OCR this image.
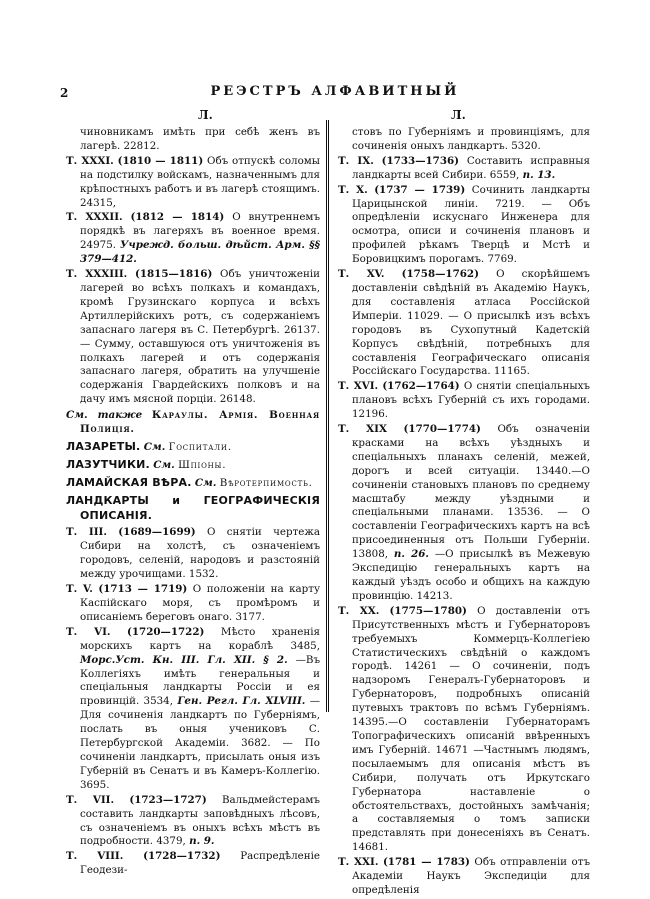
2	РЕЭСТРЪ АЛФАВИТНЫЙ
Л.	Л.

чиновникамъ имѣть при себѣ женъ въ лагерѣ. 22812.

Т. XXXI. (1810 — 1811) Объ отпускѣ соломы на подстилку войскамъ, назначеннымъ для крѣпостныхъ работъ и въ лагерѣ стоящимъ. 24315,

Т. XXXII. (1812 — 1814) О внутреннемъ порядкѣ въ лагеряхъ въ военное время. 24975. Учрежд. больш. дѣйст. Арм. §§ 379—412.

Т. XXXIII. (1815—1816) Объ уничтоженіи лагерей во всѣхъ полкахъ и командахъ, кромѣ Грузинскаго корпуса и всѣхъ Артиллерійскихъ ротъ, съ содержаніемъ запаснаго лагеря въ С. Петербургѣ. 26137.— Сумму, оставшуюся отъ уничтоженія въ полкахъ лагерей и отъ содержанія запаснаго лагеря, обратить на улучшеніе содержанія Гвардейскихъ полковъ и на дачу имъ мясной порціи. 26148.

См. также Караулы. Армія. Военная Полиція.

ЛАЗАРЕТЫ. См. Госпитали.

ЛАЗУТЧИКИ. См. Шпіоны.

ЛАМАЙСКАЯ ВѢРА. См. Вѣротерпимость.

ЛАНДКАРТЫ и ГЕОГРАФИЧЕСКІЯ ОПИСАНІЯ.

Т. III. (1689—1699) О снятіи чертежа Сибири на холстѣ, съ означеніемъ городовъ, селеній, народовъ и разстояній между урочищами. 1532.

Т. V. (1713 — 1719) О положеніи на карту Каспійскаго моря, съ промѣромъ и описаніемъ береговъ онаго. 3177.

Т. VI. (1720—1722) Мѣсто храненія морскихъ картъ на кораблѣ 3485, Морс.Уст. Кн. III. Гл. XII. § 2. —Въ Коллегіяхъ имѣть генеральныя и спеціальныя ландкарты Россіи и ея провинцій. 3534, Ген. Регл. Гл. XLVIII. — Для сочиненія ландкартъ по Губерніямъ, послать въ оныя учениковъ С. Петербургской Академіи. 3682. — По сочиненіи ландкартъ, присылать оныя изъ Губерній въ Сенатъ и въ Камеръ-Коллегію. 3695.

Т. VII. (1723—1727) Вальдмейстерамъ составить ландкарты заповѣдныхъ лѣсовъ, съ означеніемъ въ оныхъ всѣхъ мѣстъ въ подробности. 4379, п. 9.

Т. VIII. (1728—1732) Распредѣленіе Геодези-

стовъ по Губерніямъ и провинціямъ, для сочиненія оныхъ ландкартъ. 5320.

Т. IX. (1733—1736) Составить исправныя ландкарты всей Сибири. 6559, п. 13.

Т. X. (1737 — 1739) Сочинить ландкарты Царицынской линіи. 7219. — Объ опредѣленіи искуснаго Инженера для осмотра, описи и сочиненія плановъ и профилей рѣкамъ Тверцѣ и Мстѣ и Боровицкимъ порогамъ. 7769.

Т. XV. (1758—1762) О скорѣйшемъ доставленіи свѣдѣній въ Академію Наукъ, для составленія атласа Россійской Имперіи. 11029. — О присылкѣ изъ всѣхъ городовъ въ Сухопутный Кадетскій Корпусъ свѣдѣній, потребныхъ для составленія Географическаго описанія Россійскаго Государства. 11165.

Т. XVI. (1762—1764) О снятіи спеціальныхъ плановъ всѣхъ Губерній съ ихъ городами. 12196.

Т. XIX (1770—1774) Объ означеніи красками на всѣхъ уѣздныхъ и спеціальныхъ планахъ селеній, межей, дорогъ и всей ситуаціи. 13440.—О сочиненіи становыхъ плановъ по среднему масштабу между уѣздными и спеціальными планами. 13536. — О составленіи Географическихъ картъ на всѣ присоединенныя отъ Польши Губерніи. 13808, п. 26. —О присылкѣ въ Межевую Экспедицію генеральныхъ картъ на каждый уѣздъ особо и общихъ на каждую провинцію. 14213.

Т. XX. (1775—1780) О доставленіи отъ Присутственныхъ мѣстъ и Губернаторовъ требуемыхъ Коммерцъ-Коллегіею Статистическихъ свѣдѣній о каждомъ городѣ. 14261 — О сочиненіи, подъ надзоромъ Генералъ-Губернаторовъ и Губернаторовъ, подробныхъ описаній путевыхъ трактовъ по всѣмъ Губерніямъ. 14395.—О составленіи Губернаторамъ Топографическихъ описаній ввѣренныхъ имъ Губерній. 14671 —Частнымъ людямъ, посылаемымъ для описанія мѣстъ въ Сибири, получать отъ Иркутскаго Губернатора наставленіе о обстоятельствахъ, достойныхъ замѣчанія; а составляемыя о томъ записки представлять при донесеніяхъ въ Сенатъ. 14681.

Т. XXI. (1781 — 1783) Объ отправленіи отъ Академіи Наукъ Экспедиціи для опредѣленія
